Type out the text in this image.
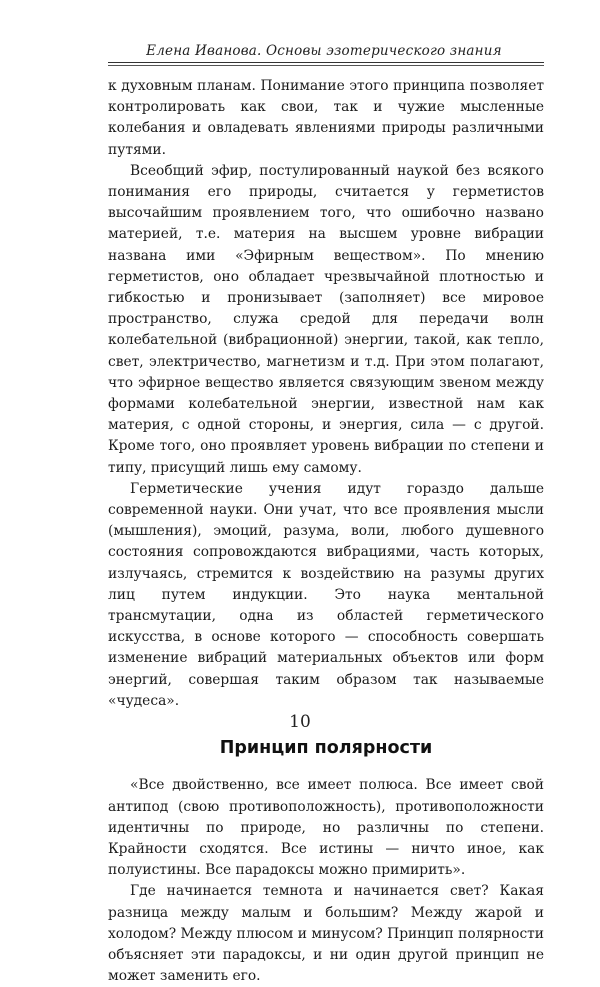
Елена Иванова. Основы эзотерического знания

к духовным планам. Понимание этого принципа позволяет контролировать как свои, так и чужие мысленные колебания и овладевать явлениями природы различными путями.

Всеобщий эфир, постулированный наукой без всякого понимания его природы, считается у герметистов высочайшим проявлением того, что ошибочно названо материей, т.е. материя на высшем уровне вибрации названа ими «Эфирным веществом». По мнению герметистов, оно обладает чрезвычайной плотностью и гибкостью и пронизывает (заполняет) все мировое пространство, служа средой для передачи волн колебательной (вибрационной) энергии, такой, как тепло, свет, электричество, магнетизм и т.д. При этом полагают, что эфирное вещество является связующим звеном между формами колебательной энергии, известной нам как материя, с одной стороны, и энергия, сила — с другой. Кроме того, оно проявляет уровень вибрации по степени и типу, присущий лишь ему самому.

Герметические учения идут гораздо дальше современной науки. Они учат, что все проявления мысли (мышления), эмоций, разума, воли, любого душевного состояния сопровождаются вибрациями, часть которых, излучаясь, стремится к воздействию на разумы других лиц путем индукции. Это наука ментальной трансмутации, одна из областей герметического искусства, в основе которого — способность совершать изменение вибраций материальных объектов или форм энергий, совершая таким образом так называемые «чудеса».

Принцип полярности

«Все двойственно, все имеет полюса. Все имеет свой антипод (свою противоположность), противоположности идентичны по природе, но различны по степени. Крайности сходятся. Все истины — ничто иное, как полуистины. Все парадоксы можно примирить».

Где начинается темнота и начинается свет? Какая разница между малым и большим? Между жарой и холодом? Между плюсом и минусом? Принцип полярности объясняет эти парадоксы, и ни один другой принцип не может заменить его.

10
